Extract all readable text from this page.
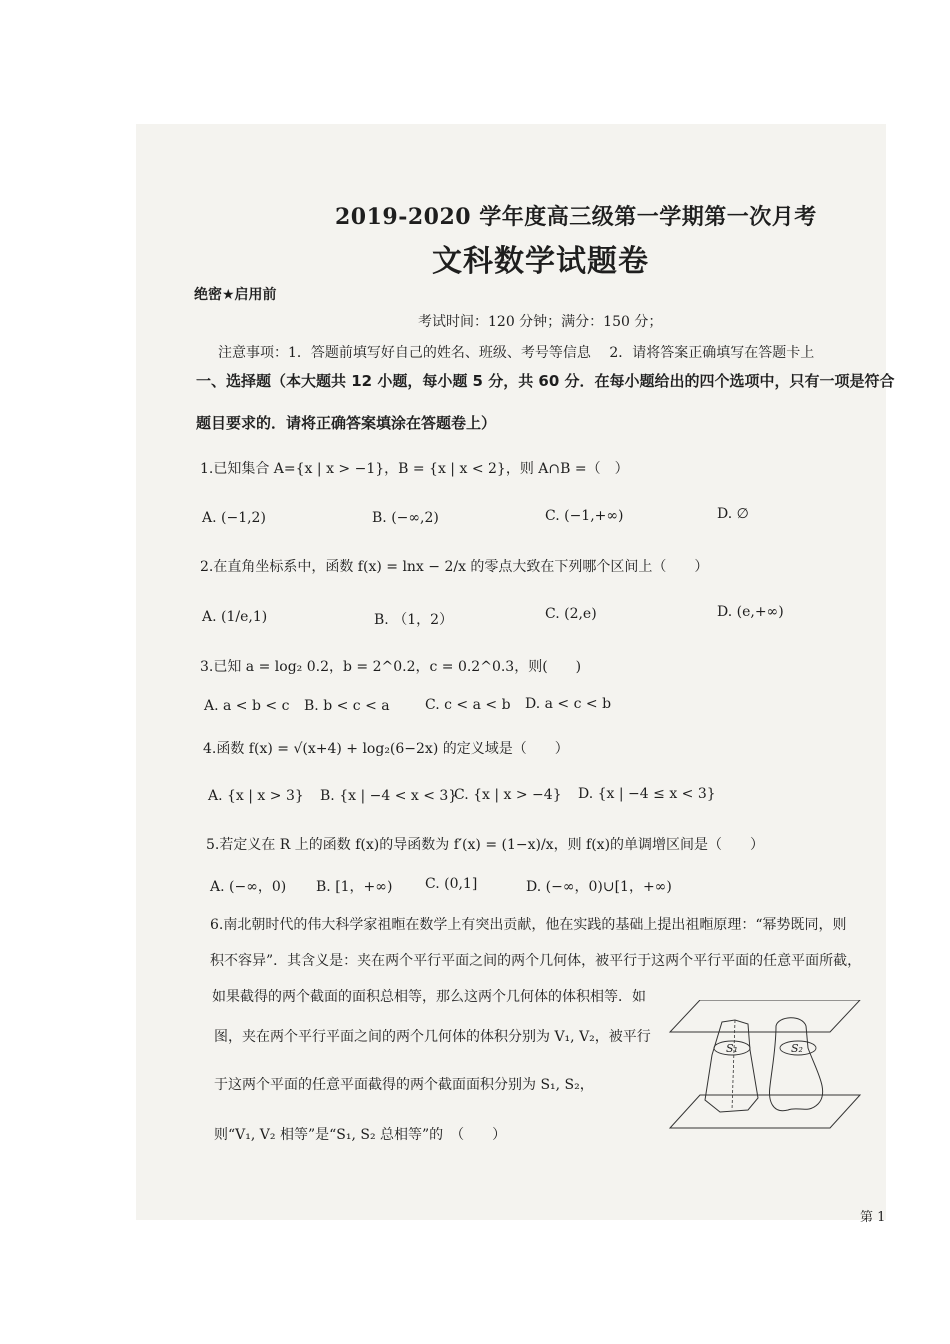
2019-2020 学年度高三级第一学期第一次月考
文科数学试题卷
绝密★启用前
考试时间：120 分钟；满分：150 分；
注意事项：1．答题前填写好自己的姓名、班级、考号等信息　 2．请将答案正确填写在答题卡上
一、选择题（本大题共 12 小题，每小题 5 分，共 60 分．在每小题给出的四个选项中，只有一项是符合
题目要求的．请将正确答案填涂在答题卷上）
1.已知集合 A={x | x > −1}，B = {x | x < 2}，则 A∩B =（　）
A. (−1,2)	B. (−∞,2)	C. (−1,+∞)	D. ∅
2.在直角坐标系中，函数 f(x) = lnx − 2/x 的零点大致在下列哪个区间上（　　）
A. (1/e,1)	B. （1，2）	C. (2,e)	D. (e,+∞)
3.已知 a = log₂ 0.2，b = 2^0.2，c = 0.2^0.3，则(　　)
A. a < b < c B. b < c < a	C. c < a < b D. a < c < b
4.函数 f(x) = √(x+4) + log₂(6−2x) 的定义域是（　　）
A. {x | x > 3} B. {x | −4 < x < 3}
C. {x | x > −4} D. {x | −4 ≤ x < 3}
5.若定义在 R 上的函数 f(x)的导函数为 f′(x) = (1−x)/x，则 f(x)的单调增区间是（　　）
A. (−∞，0) B. [1，+∞) C. (0,1]	D. (−∞，0)∪[1，+∞)
6.南北朝时代的伟大科学家祖暅在数学上有突出贡献，他在实践的基础上提出祖暅原理：“幂势既同，则
积不容异”．其含义是：夹在两个平行平面之间的两个几何体，被平行于这两个平行平面的任意平面所截，
如果截得的两个截面的面积总相等，那么这两个几何体的体积相等．如
图，夹在两个平行平面之间的两个几何体的体积分别为 V₁, V₂，被平行
于这两个平面的任意平面截得的两个截面面积分别为 S₁, S₂，
则“V₁, V₂ 相等”是“S₁, S₂ 总相等”的　（　　）
S₁	S₂
第 1
